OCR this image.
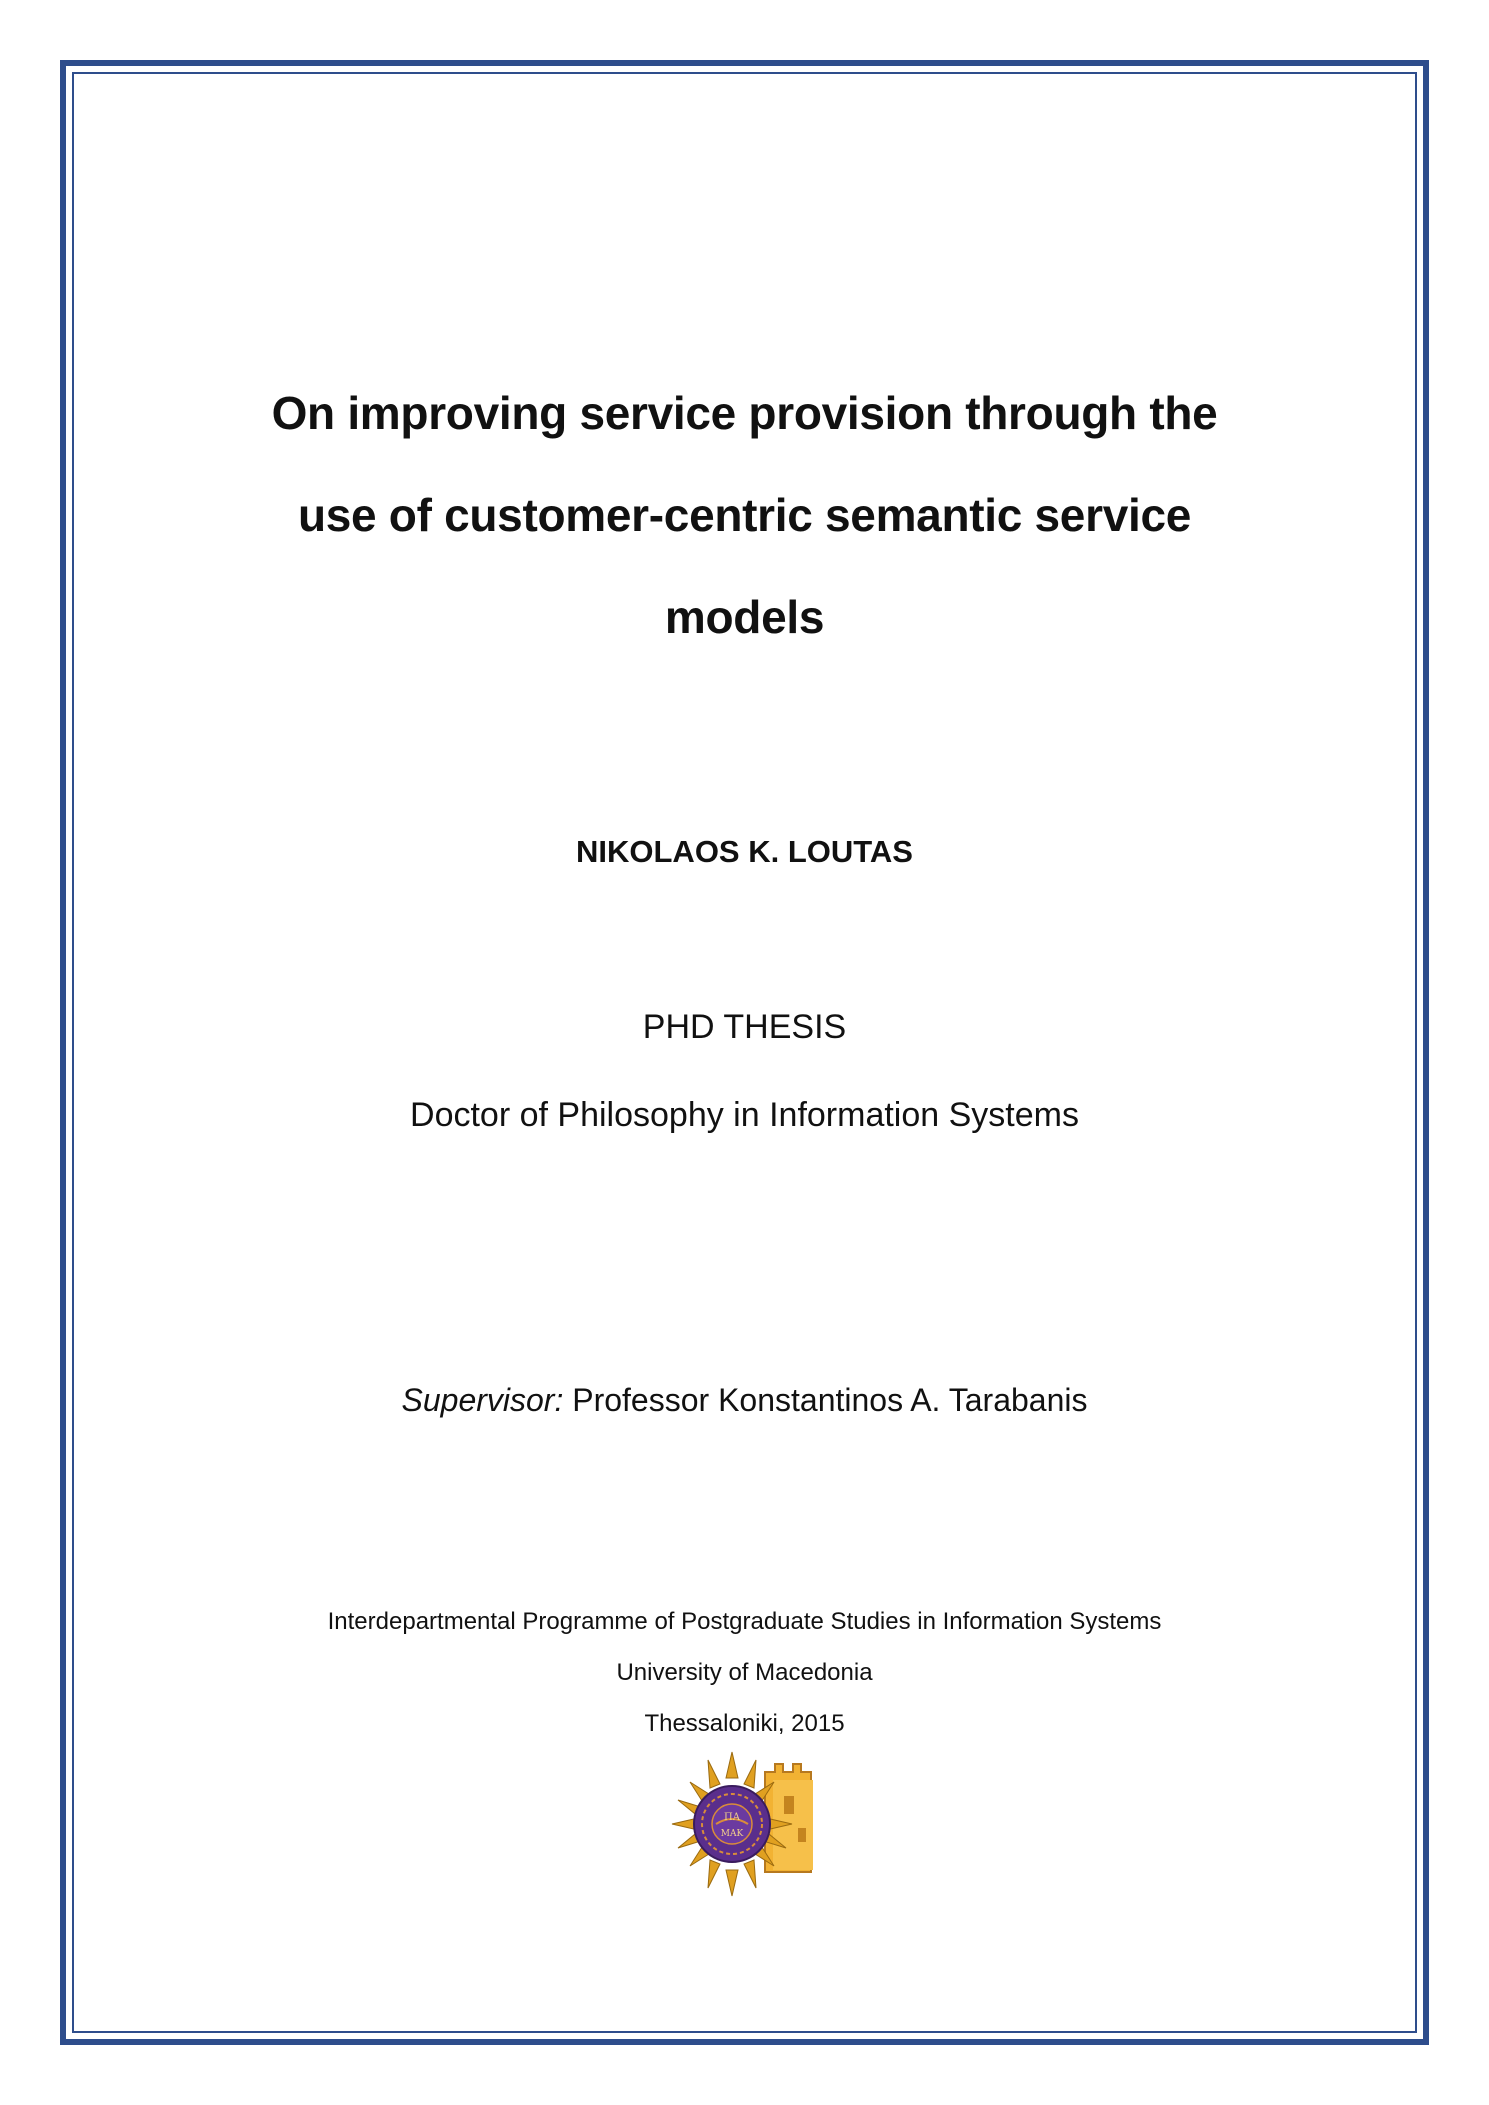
On improving service provision through the
use of customer-centric semantic service
models
NIKOLAOS K. LOUTAS
PHD THESIS
Doctor of Philosophy in Information Systems
Supervisor: Professor Konstantinos A. Tarabanis
Interdepartmental Programme of Postgraduate Studies in Information Systems
University of Macedonia
Thessaloniki, 2015
ΠΑ
ΜΑΚ
